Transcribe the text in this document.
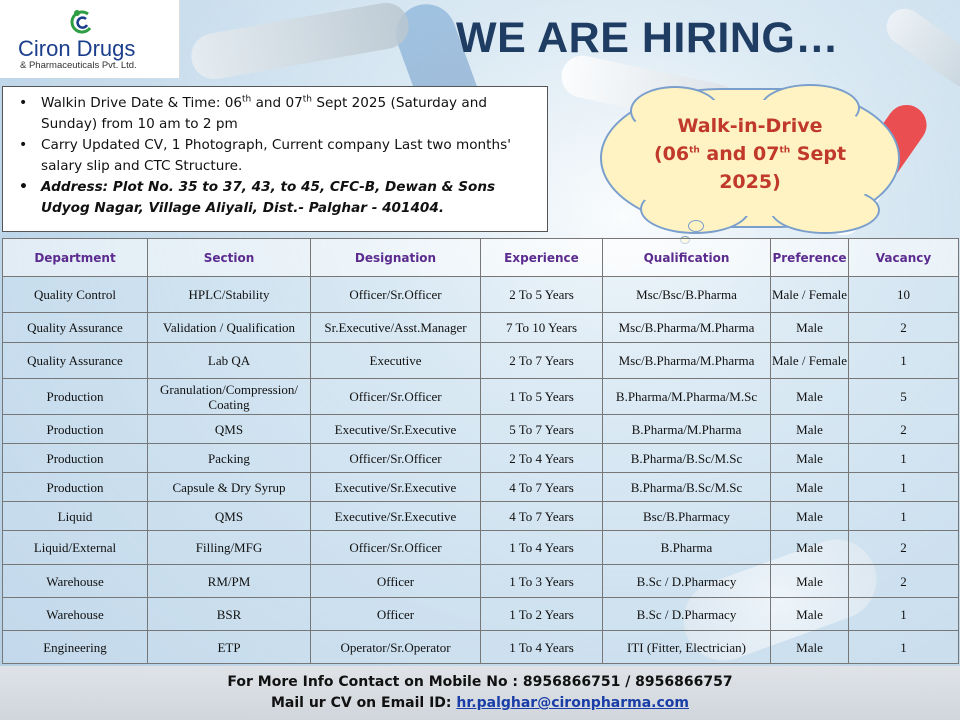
Ciron Drugs
& Pharmaceuticals Pvt. Ltd.
WE ARE HIRING…
• Walkin Drive Date & Time: 06th and 07th Sept 2025 (Saturday and Sunday) from 10 am to 2 pm
• Carry Updated CV, 1 Photograph, Current company Last two months' salary slip and CTC Structure.
• Address: Plot No. 35 to 37, 43, to 45, CFC-B, Dewan & Sons Udyog Nagar, Village Aliyali, Dist.- Palghar - 401404.
Walk-in-Drive
(06th and 07th Sept
2025)
Department	Section	Designation	Experience	Qualification	Preference	Vacancy
Quality Control	HPLC/Stability	Officer/Sr.Officer	2 To 5 Years	Msc/Bsc/B.Pharma	Male / Female	10
Quality Assurance	Validation / Qualification	Sr.Executive/Asst.Manager	7 To 10 Years	Msc/B.Pharma/M.Pharma	Male	2
Quality Assurance	Lab QA	Executive	2 To 7 Years	Msc/B.Pharma/M.Pharma	Male / Female	1
Production	Granulation/Compression/ Coating	Officer/Sr.Officer	1 To 5 Years	B.Pharma/M.Pharma/M.Sc	Male	5
Production	QMS	Executive/Sr.Executive	5 To 7 Years	B.Pharma/M.Pharma	Male	2
Production	Packing	Officer/Sr.Officer	2 To 4 Years	B.Pharma/B.Sc/M.Sc	Male	1
Production	Capsule & Dry Syrup	Executive/Sr.Executive	4 To 7 Years	B.Pharma/B.Sc/M.Sc	Male	1
Liquid	QMS	Executive/Sr.Executive	4 To 7 Years	Bsc/B.Pharmacy	Male	1
Liquid/External	Filling/MFG	Officer/Sr.Officer	1 To 4 Years	B.Pharma	Male	2
Warehouse	RM/PM	Officer	1 To 3 Years	B.Sc / D.Pharmacy	Male	2
Warehouse	BSR	Officer	1 To 2 Years	B.Sc / D.Pharmacy	Male	1
Engineering	ETP	Operator/Sr.Operator	1 To 4 Years	ITI (Fitter, Electrician)	Male	1
For More Info Contact on Mobile No : 8956866751 / 8956866757
Mail ur CV on Email ID: hr.palghar@cironpharma.com
